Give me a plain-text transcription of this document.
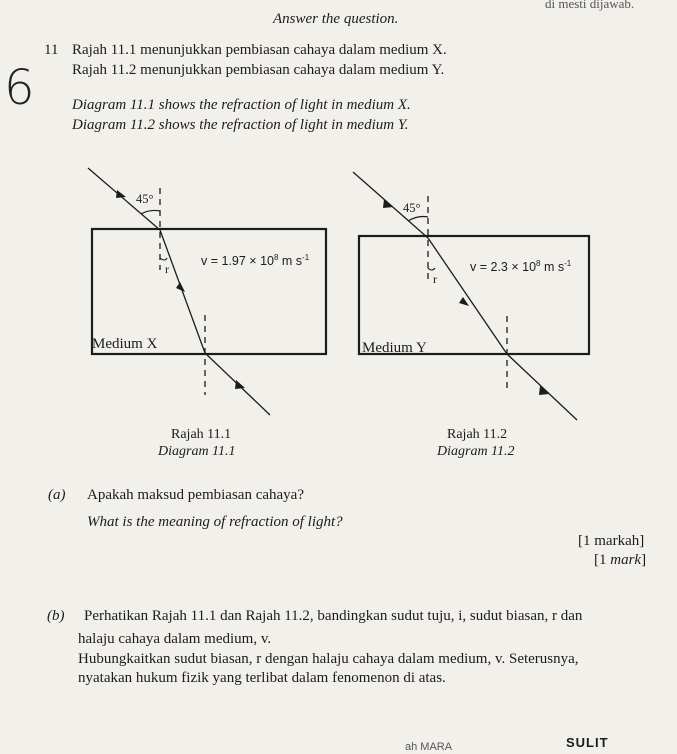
di mesti dijawab.
Answer the question.
11 Rajah 11.1 menunjukkan pembiasan cahaya dalam medium X.
Rajah 11.2 menunjukkan pembiasan cahaya dalam medium Y.
6 Diagram 11.1 shows the refraction of light in medium X.
Diagram 11.2 shows the refraction of light in medium Y.
45°
r
$v = 1.97 \times 10^8$ m $s^{-1}$
Medium X
Rajah 11.1
Diagram 11.1
45°
r
$v = 2.3 \times 10^8$ m $s^{-1}$
Medium Y
Rajah 11.2
Diagram 11.2
(a) Apakah maksud pembiasan cahaya?
What is the meaning of refraction of light?
[1 markah]
[1 mark]
(b) Perhatikan Rajah 11.1 dan Rajah 11.2, bandingkan sudut tuju, i, sudut biasan, r dan
halaju cahaya dalam medium, v.
Hubungkaitkan sudut biasan, r dengan halaju cahaya dalam medium, v. Seterusnya,
nyatakan hukum fizik yang terlibat dalam fenomenon di atas.
ah MARA	SULIT
